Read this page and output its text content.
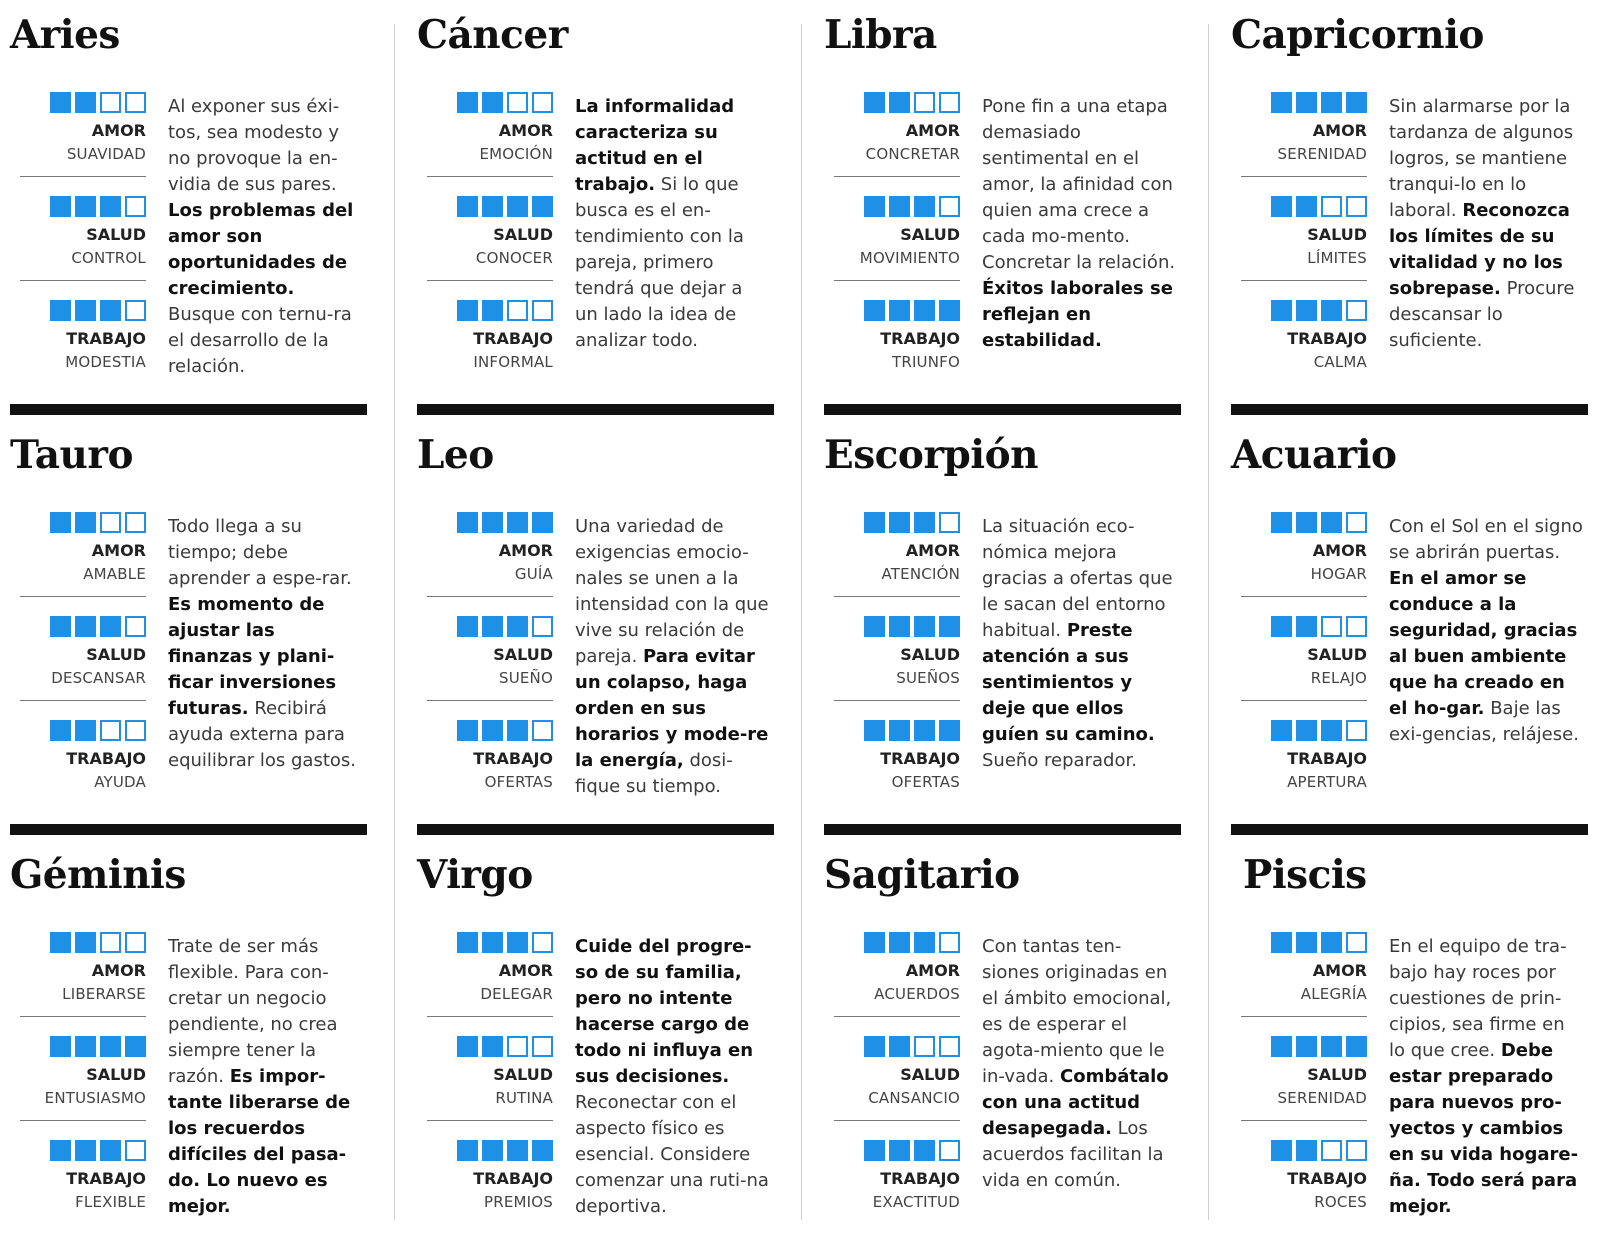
Aries
AMOR
SUAVIDAD
SALUD
CONTROL
TRABAJO
MODESTIA

Al exponer sus éxi-tos, sea modesto y no provoque la en-vidia de sus pares. Los problemas del amor son oportunidades de crecimiento. Busque con ternu-ra el desarrollo de la relación.

Cáncer
AMOR
EMOCIÓN
SALUD
CONOCER
TRABAJO
INFORMAL

La informalidad caracteriza su actitud en el trabajo. Si lo que busca es el en-tendimiento con la pareja, primero tendrá que dejar a un lado la idea de analizar todo.

Libra
AMOR
CONCRETAR
SALUD
MOVIMIENTO
TRABAJO
TRIUNFO

Pone fin a una etapa demasiado sentimental en el amor, la afinidad con quien ama crece a cada mo-mento. Concretar la relación. Éxitos laborales se reflejan en estabilidad.

Capricornio
AMOR
SERENIDAD
SALUD
LÍMITES
TRABAJO
CALMA

Sin alarmarse por la tardanza de algunos logros, se mantiene tranqui-lo en lo laboral. Reconozca los límites de su vitalidad y no los sobrepase. Procure descansar lo suficiente.

Tauro
AMOR
AMABLE
SALUD
DESCANSAR
TRABAJO
AYUDA

Todo llega a su tiempo; debe aprender a espe-rar. Es momento de ajustar las finanzas y plani-ficar inversiones futuras. Recibirá ayuda externa para equilibrar los gastos.

Leo
AMOR
GUÍA
SALUD
SUEÑO
TRABAJO
OFERTAS

Una variedad de exigencias emocio-nales se unen a la intensidad con la que vive su relación de pareja. Para evitar un colapso, haga orden en sus horarios y mode-re la energía, dosi-fique su tiempo.

Escorpión
AMOR
ATENCIÓN
SALUD
SUEÑOS
TRABAJO
OFERTAS

La situación eco-nómica mejora gracias a ofertas que le sacan del entorno habitual. Preste atención a sus sentimientos y deje que ellos guíen su camino. Sueño reparador.

Acuario
AMOR
HOGAR
SALUD
RELAJO
TRABAJO
APERTURA

Con el Sol en el signo se abrirán puertas. En el amor se conduce a la seguridad, gracias al buen ambiente que ha creado en el ho-gar. Baje las exi-gencias, relájese.

Géminis
AMOR
LIBERARSE
SALUD
ENTUSIASMO
TRABAJO
FLEXIBLE

Trate de ser más flexible. Para con-cretar un negocio pendiente, no crea siempre tener la razón. Es impor-tante liberarse de los recuerdos difíciles del pasa-do. Lo nuevo es mejor.

Virgo
AMOR
DELEGAR
SALUD
RUTINA
TRABAJO
PREMIOS

Cuide del progre-so de su familia, pero no intente hacerse cargo de todo ni influya en sus decisiones. Reconectar con el aspecto físico es esencial. Considere comenzar una ruti-na deportiva.

Sagitario
AMOR
ACUERDOS
SALUD
CANSANCIO
TRABAJO
EXACTITUD

Con tantas ten-siones originadas en el ámbito emocional, es de esperar el agota-miento que le in-vada. Combátalo con una actitud desapegada. Los acuerdos facilitan la vida en común.

Piscis
AMOR
ALEGRÍA
SALUD
SERENIDAD
TRABAJO
ROCES

En el equipo de tra-bajo hay roces por cuestiones de prin-cipios, sea firme en lo que cree. Debe estar preparado para nuevos pro-yectos y cambios en su vida hogare-ña. Todo será para mejor.
